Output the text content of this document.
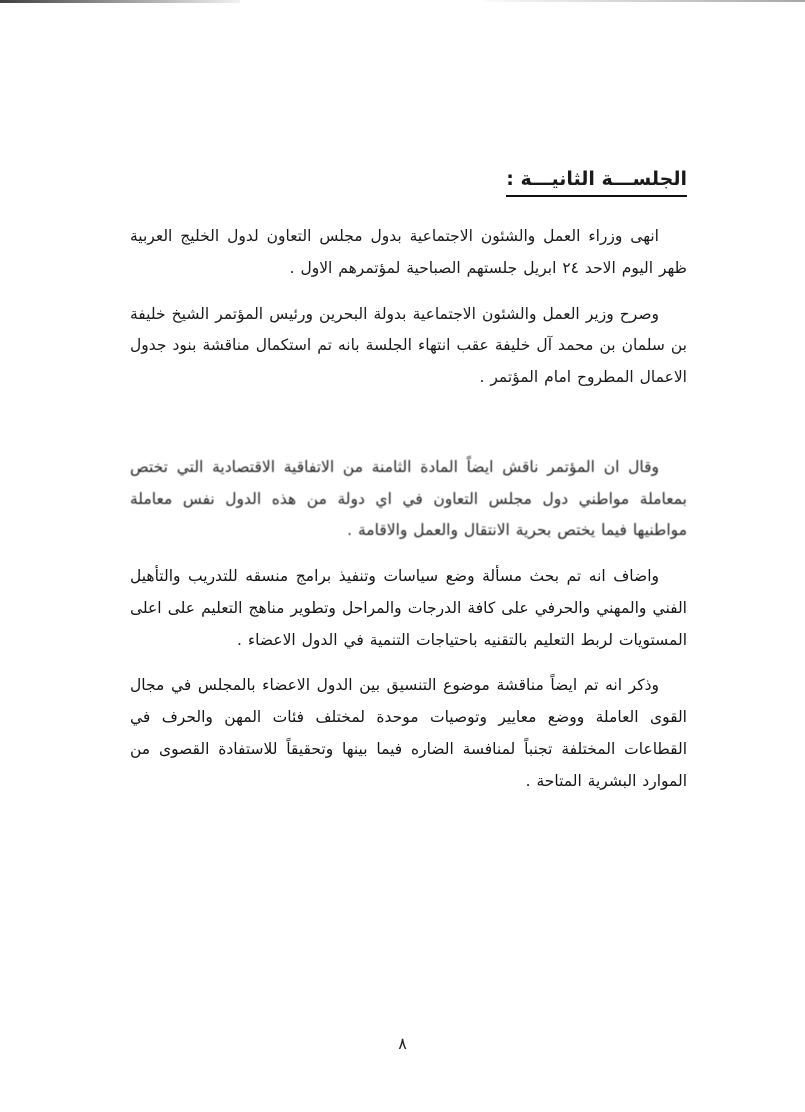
الجلســـة الثانيـــة :

انهى وزراء العمل والشئون الاجتماعية بدول مجلس التعاون لدول الخليج العربية ظهر اليوم الاحد ٢٤ ابريل جلستهم الصباحية لمؤتمرهم الاول .

وصرح وزير العمل والشئون الاجتماعية بدولة البحرين ورئيس المؤتمر الشيخ خليفة بن سلمان بن محمد آل خليفة عقب انتهاء الجلسة بانه تم استكمال مناقشة بنود جدول الاعمال المطروح امام المؤتمر .

وقال ان المؤتمر ناقش ايضاً المادة الثامنة من الاتفاقية الاقتصادية التي تختص بمعاملة مواطني دول مجلس التعاون في اي دولة من هذه الدول نفس معاملة مواطنيها فيما يختص بحرية الانتقال والعمل والاقامة .

واضاف انه تم بحث مسألة وضع سياسات وتنفيذ برامج منسقه للتدريب والتأهيل الفني والمهني والحرفي على كافة الدرجات والمراحل وتطوير مناهج التعليم على اعلى المستويات لربط التعليم بالتقنيه باحتياجات التنمية في الدول الاعضاء .

وذكر انه تم ايضاً مناقشة موضوع التنسيق بين الدول الاعضاء بالمجلس في مجال القوى العاملة ووضع معايير وتوصيات موحدة لمختلف فئات المهن والحرف في القطاعات المختلفة تجنباً لمنافسة الضاره فيما بينها وتحقيقاً للاستفادة القصوى من الموارد البشرية المتاحة .

٨
